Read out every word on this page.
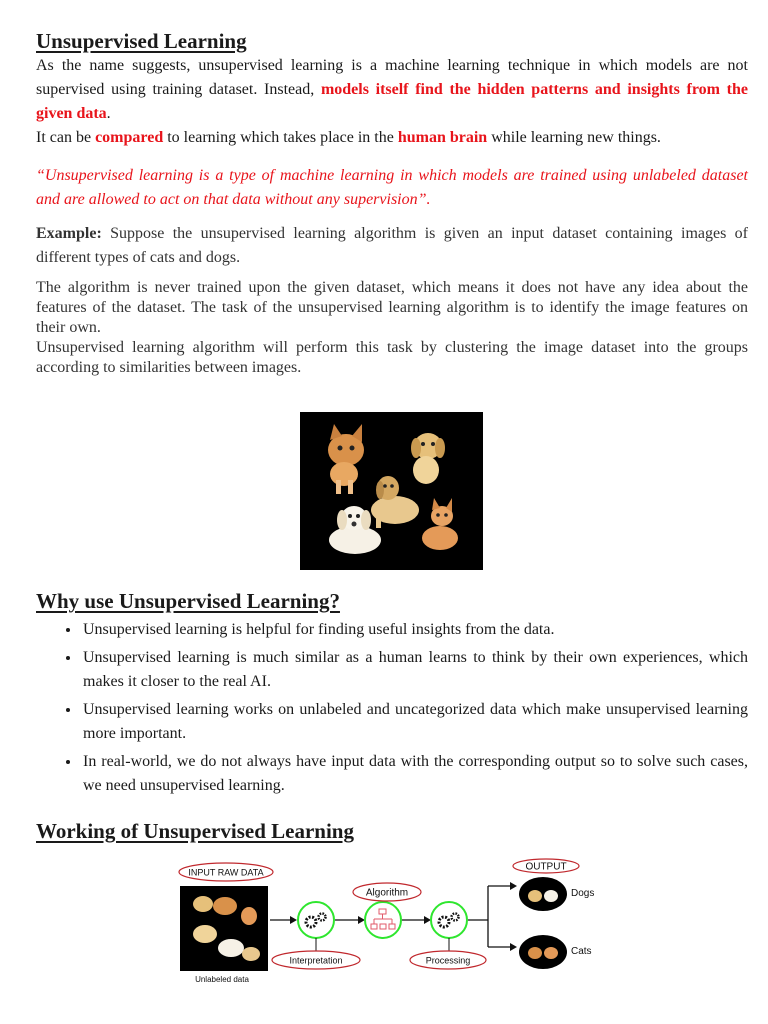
Unsupervised Learning

As the name suggests, unsupervised learning is a machine learning technique in which models are not supervised using training dataset. Instead, models itself find the hidden patterns and insights from the given data.

It can be compared to learning which takes place in the human brain while learning new things.

“Unsupervised learning is a type of machine learning in which models are trained using unlabeled dataset and are allowed to act on that data without any supervision”.

Example: Suppose the unsupervised learning algorithm is given an input dataset containing images of different types of cats and dogs.

The algorithm is never trained upon the given dataset, which means it does not have any idea about the features of the dataset. The task of the unsupervised learning algorithm is to identify the image features on their own.

Unsupervised learning algorithm will perform this task by clustering the image dataset into the groups according to similarities between images.

Why use Unsupervised Learning?
• Unsupervised learning is helpful for finding useful insights from the data.
• Unsupervised learning is much similar as a human learns to think by their own experiences, which makes it closer to the real AI.
• Unsupervised learning works on unlabeled and uncategorized data which make unsupervised learning more important.
• In real-world, we do not always have input data with the corresponding output so to solve such cases, we need unsupervised learning.
Working of Unsupervised Learning
INPUT RAW DATA
Unlabeled data
Interpretation
Algorithm
Processing
OUTPUT
Dogs
Cats
